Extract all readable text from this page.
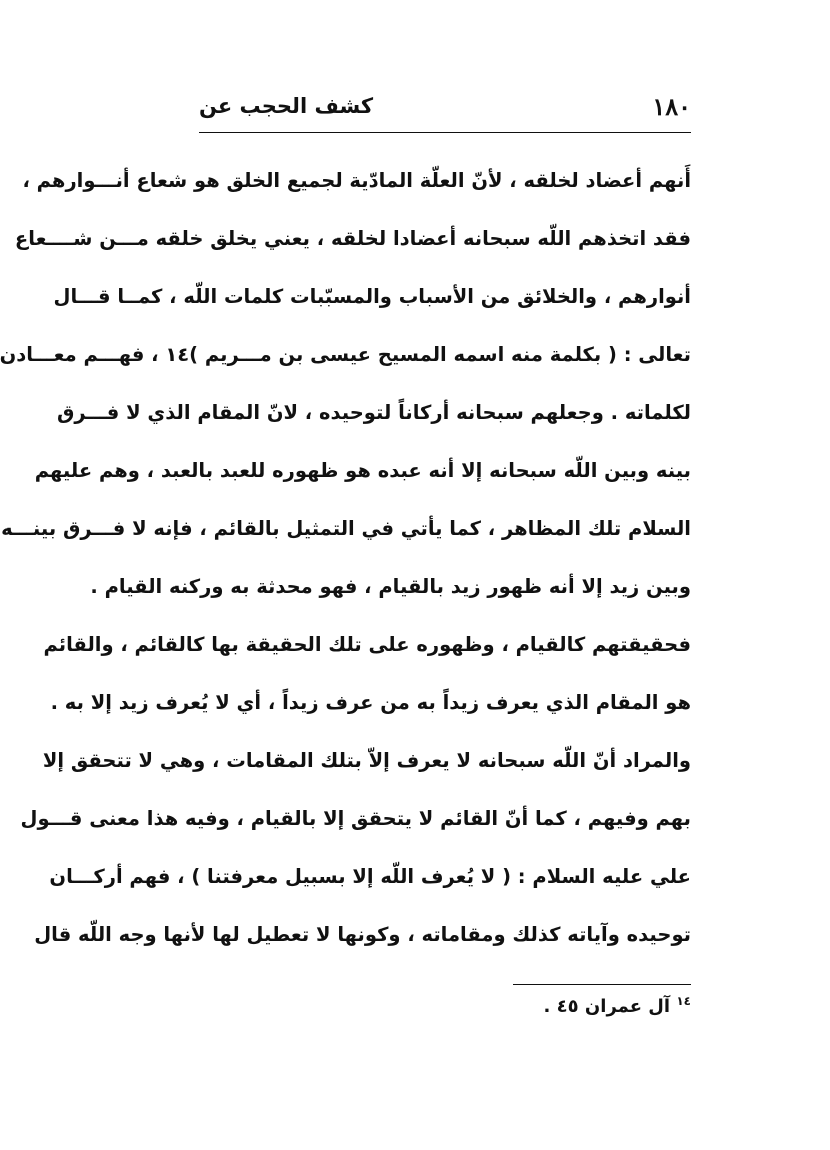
١٨٠
كشف الحجب عن
أَنهم أعضاد لخلقه ، لأنّ العلّة المادّية لجميع الخلق هو شعاع أنـــوارهم ،
فقد اتخذهم اللّه سبحانه أعضادا لخلقه ، يعني يخلق خلقه مـــن شــــعاع
أنوارهم ، والخلائق من الأسباب والمسبّبات كلمات اللّه ، كمــا قـــال
تعالى : ( بكلمة منه اسمه المسيح عيسى بن مـــريم )١٤ ، فهـــم معـــادن
لكلماته . وجعلهم سبحانه أركاناً لتوحيده ، لانّ المقام الذي لا فـــرق
بينه وبين اللّه سبحانه إلا أنه عبده هو ظهوره للعبد بالعبد ، وهم عليهم
السلام تلك المظاهر ، كما يأتي في التمثيل بالقائم ، فإنه لا فـــرق بينـــه
وبين زيد إلا أنه ظهور زيد بالقيام ، فهو محدثة به وركنه القيام .
فحقيقتهم كالقيام ، وظهوره على تلك الحقيقة بها كالقائم ، والقائم
هو المقام الذي يعرف زيداً به من عرف زيداً ، أي لا يُعرف زيد إلا به .
والمراد أنّ اللّه سبحانه لا يعرف إلاّ بتلك المقامات ، وهي لا تتحقق إلا
بهم وفيهم ، كما أنّ القائم لا يتحقق إلا بالقيام ، وفيه هذا معنى قـــول
علي عليه السلام : ( لا يُعرف اللّه إلا بسبيل معرفتنا ) ، فهم أركـــان
توحيده وآياته كذلك ومقاماته ، وكونها لا تعطيل لها لأنها وجه اللّه قال
$^{١٤}$ آل عمران ٤٥ .
